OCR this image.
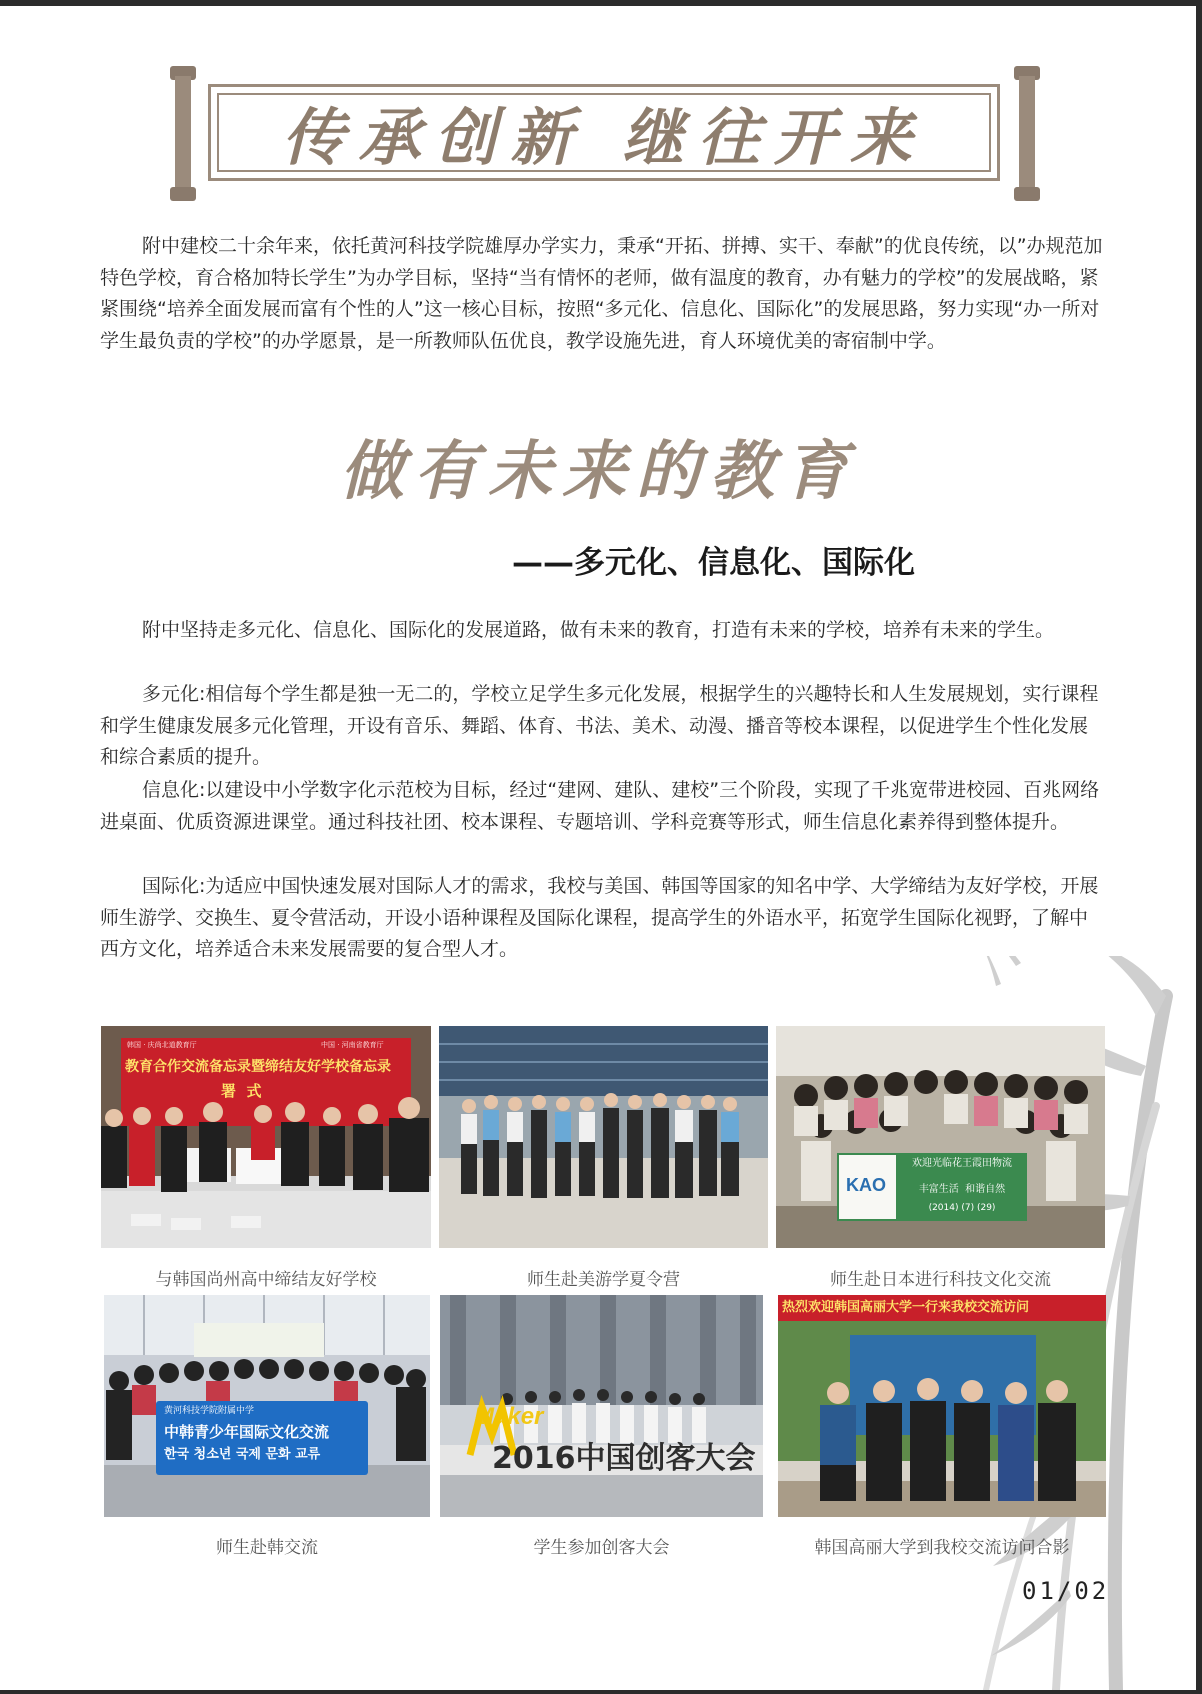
传承创新 继往开来

附中建校二十余年来，依托黄河科技学院雄厚办学实力，秉承“开拓、拼搏、实干、奉献”的优良传统，以”办规范加特色学校，育合格加特长学生”为办学目标，坚持“当有情怀的老师，做有温度的教育，办有魅力的学校”的发展战略，紧紧围绕“培养全面发展而富有个性的人”这一核心目标，按照“多元化、信息化、国际化”的发展思路，努力实现“办一所对学生最负责的学校”的办学愿景，是一所教师队伍优良，教学设施先进，育人环境优美的寄宿制中学。

做有未来的教育
——多元化、信息化、国际化

附中坚持走多元化、信息化、国际化的发展道路，做有未来的教育，打造有未来的学校，培养有未来的学生。

多元化:相信每个学生都是独一无二的，学校立足学生多元化发展，根据学生的兴趣特长和人生发展规划，实行课程和学生健康发展多元化管理，开设有音乐、舞蹈、体育、书法、美术、动漫、播音等校本课程，以促进学生个性化发展和综合素质的提升。

信息化:以建设中小学数字化示范校为目标，经过“建网、建队、建校”三个阶段，实现了千兆宽带进校园、百兆网络进桌面、优质资源进课堂。通过科技社团、校本课程、专题培训、学科竞赛等形式，师生信息化素养得到整体提升。

国际化:为适应中国快速发展对国际人才的需求，我校与美国、韩国等国家的知名中学、大学缔结为友好学校，开展师生游学、交换生、夏令营活动，开设小语种课程及国际化课程，提高学生的外语水平，拓宽学生国际化视野，了解中西方文化，培养适合未来发展需要的复合型人才。

韩国 · 庆尚北道教育厅	中国 · 河南省教育厅
教育合作交流备忘录暨缔结友好学校备忘录
署  式
与韩国尚州高中缔结友好学校	师生赴美游学夏令营
KAO
欢迎光临花王霞田物流
丰富生活  和谐自然
(2014) (7) (29)
师生赴日本进行科技文化交流
黄河科技学院附属中学
中韩青少年国际文化交流
한국 청소년 국제 문화 교류
师生赴韩交流
Maker
2016中国创客大会
学生参加创客大会
热烈欢迎韩国高丽大学一行来我校交流访问
韩国高丽大学到我校交流访问合影
01/02
